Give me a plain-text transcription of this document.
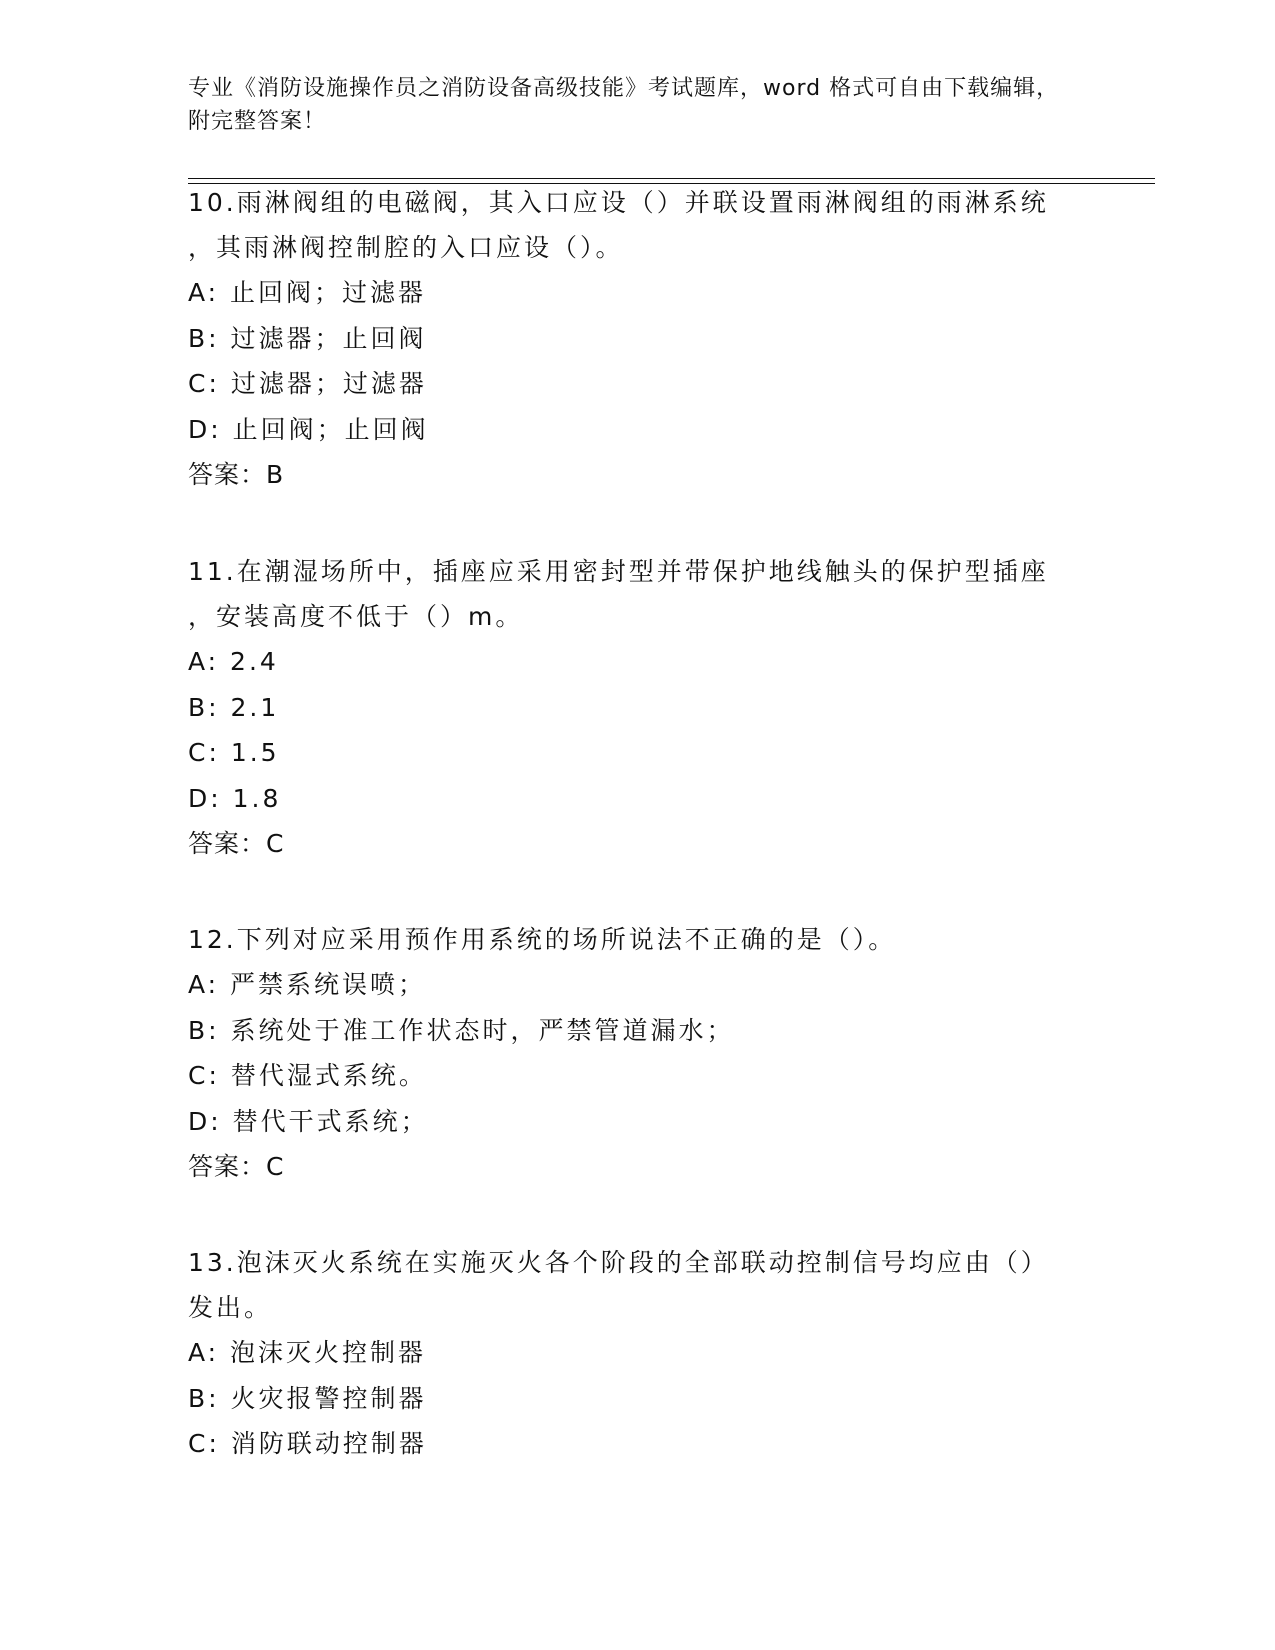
专业《消防设施操作员之消防设备高级技能》考试题库，word 格式可自由下载编辑，附完整答案！
10.雨淋阀组的电磁阀，其入口应设（）并联设置雨淋阀组的雨淋系统
，其雨淋阀控制腔的入口应设（）。
A: 止回阀；过滤器
B: 过滤器；止回阀
C: 过滤器；过滤器
D: 止回阀；止回阀
答案：B
11.在潮湿场所中，插座应采用密封型并带保护地线触头的保护型插座
，安装高度不低于（）m。
A: 2.4
B: 2.1
C: 1.5
D: 1.8
答案：C
12.下列对应采用预作用系统的场所说法不正确的是（）。
A: 严禁系统误喷；
B: 系统处于准工作状态时，严禁管道漏水；
C: 替代湿式系统。
D: 替代干式系统；
答案：C
13.泡沫灭火系统在实施灭火各个阶段的全部联动控制信号均应由（）
发出。
A: 泡沫灭火控制器
B: 火灾报警控制器
C: 消防联动控制器
